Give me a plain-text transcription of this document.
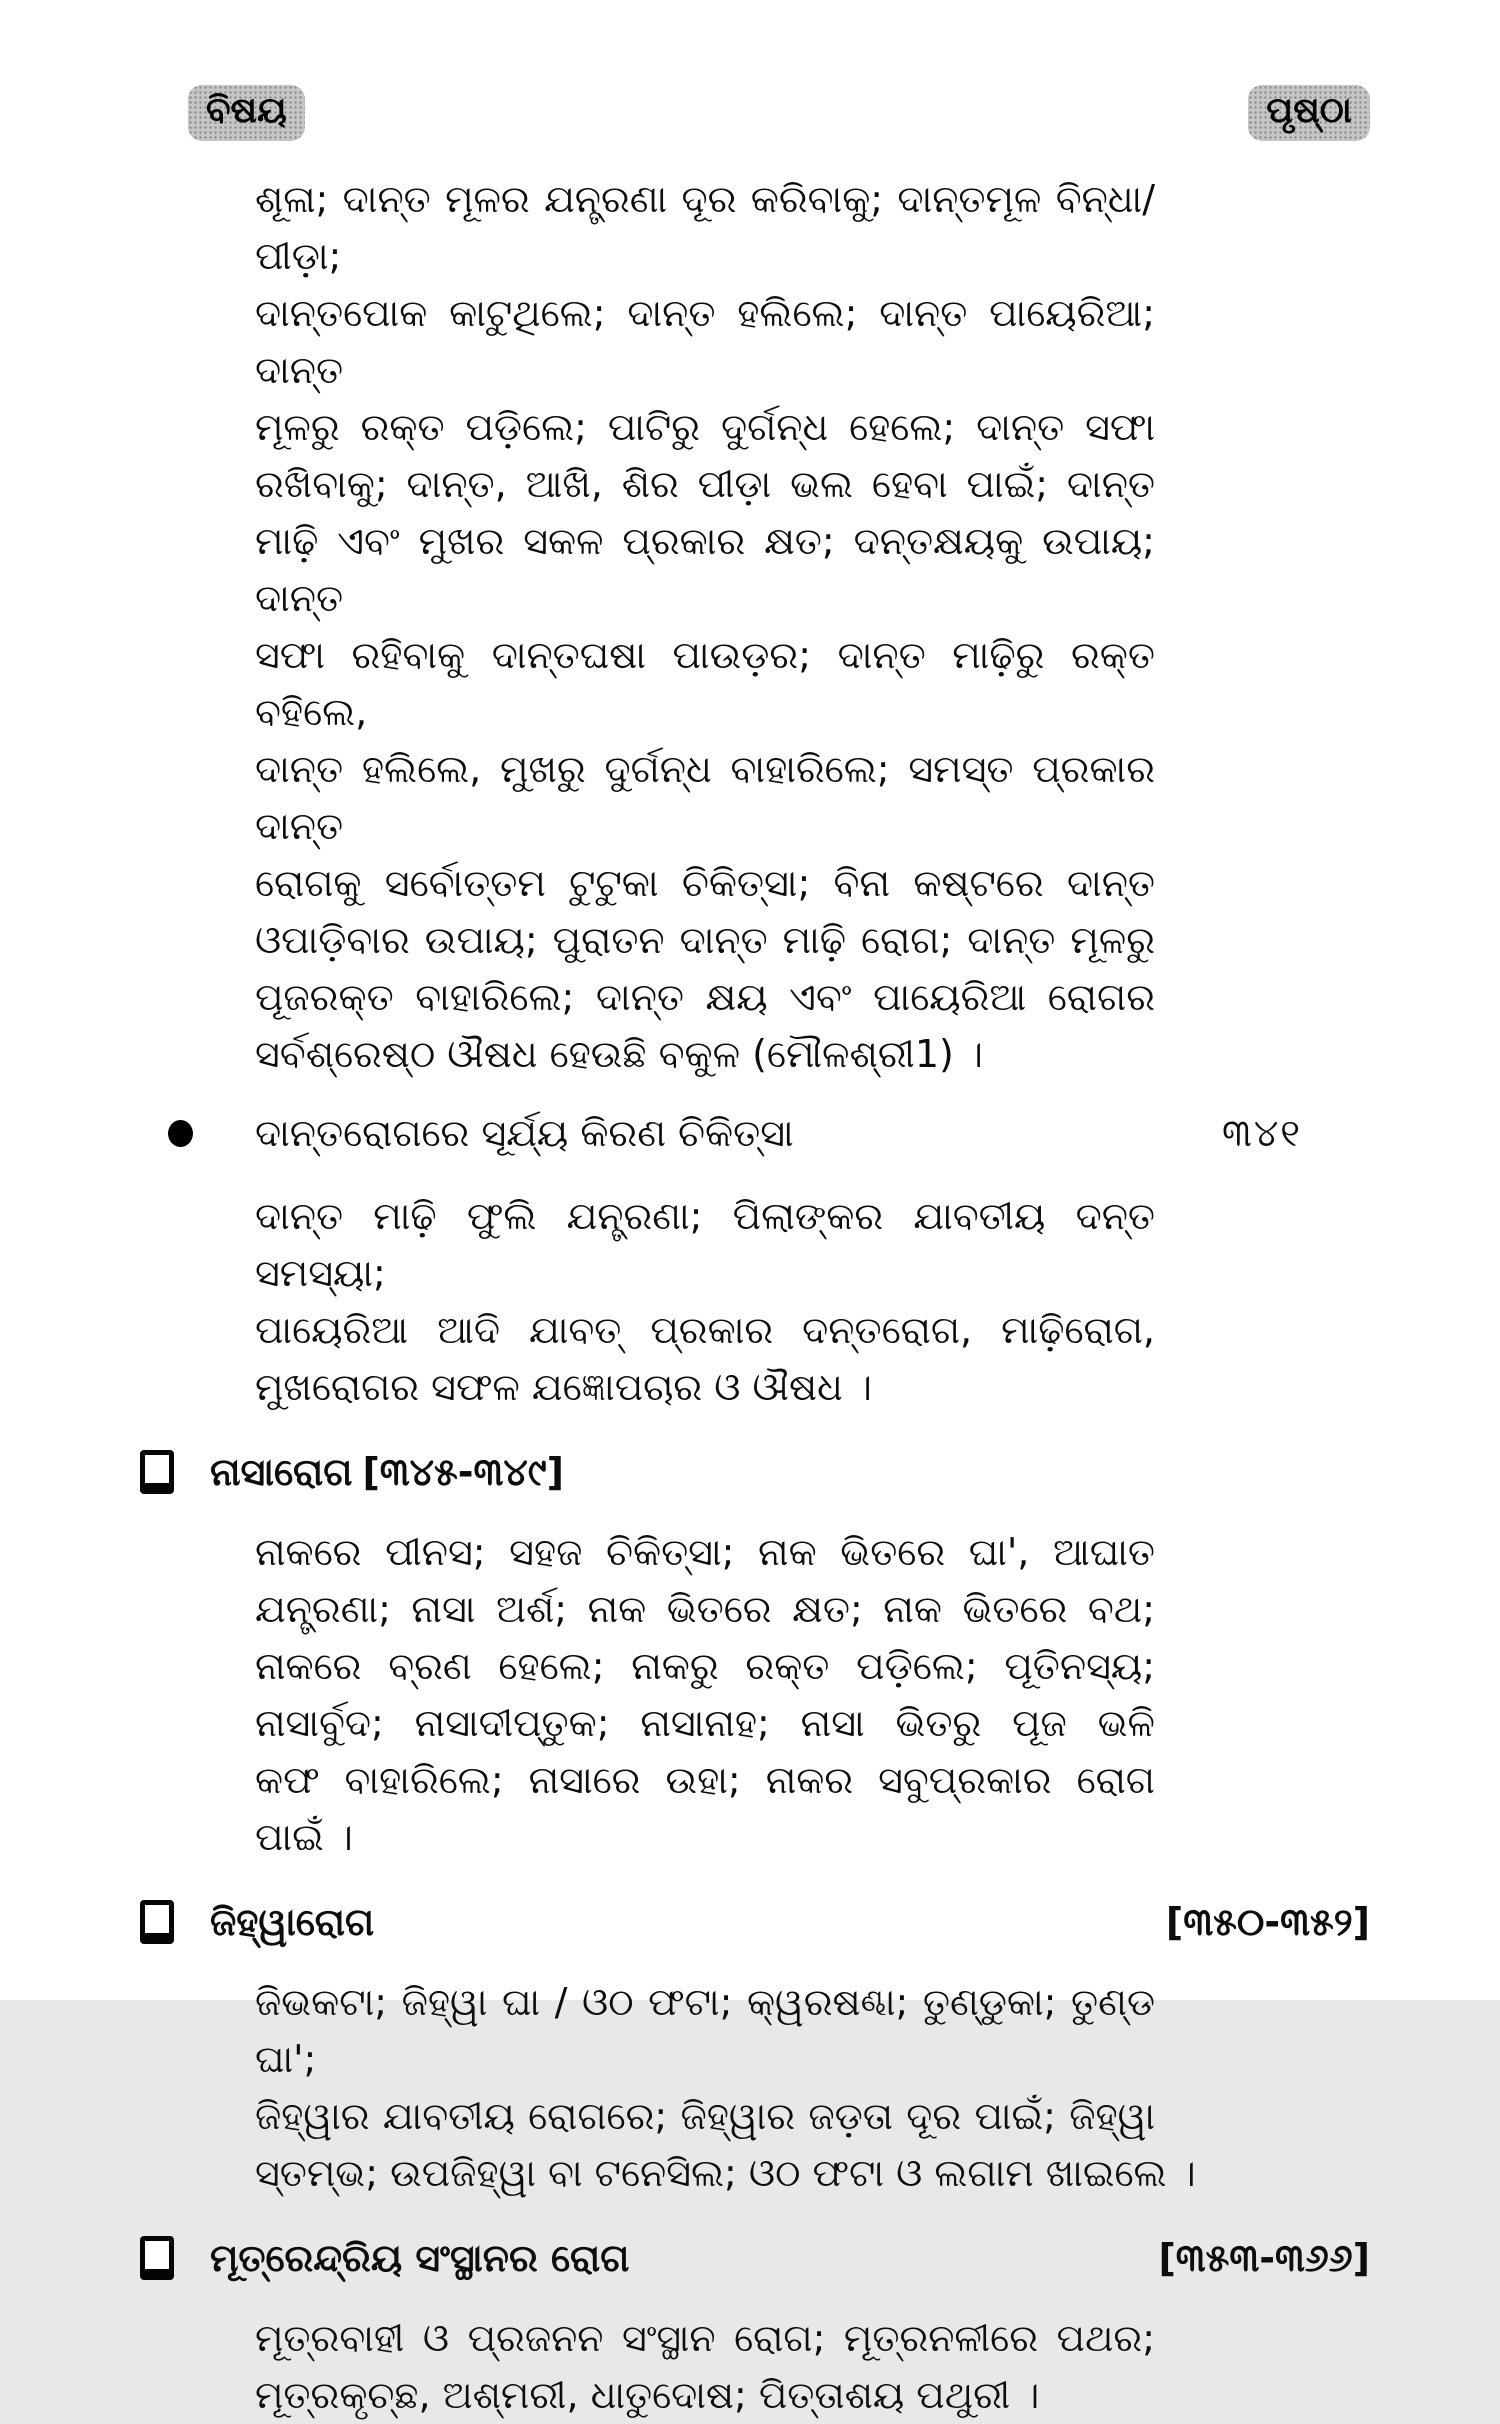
ବିଷୟ	ପୃଷ୍ଠା
ଶୂଳା; ଦାନ୍ତ ମୂଳର ଯନ୍ତ୍ରଣା ଦୂର କରିବାକୁ; ଦାନ୍ତମୂଳ ବିନ୍ଧା/ପୀଡ଼ା;
ଦାନ୍ତପୋକ କାଟୁଥିଲେ; ଦାନ୍ତ ହଲିଲେ; ଦାନ୍ତ ପାୟେରିଆ; ଦାନ୍ତ
ମୂଳରୁ ରକ୍ତ ପଡ଼ିଲେ; ପାଟିରୁ ଦୁର୍ଗନ୍ଧ ହେଲେ; ଦାନ୍ତ ସଫା
ରଖିବାକୁ; ଦାନ୍ତ, ଆଖି, ଶିର ପୀଡ଼ା ଭଲ ହେବା ପାଇଁ; ଦାନ୍ତ
ମାଢ଼ି ଏବଂ ମୁଖର ସକଳ ପ୍ରକାର କ୍ଷତ; ଦନ୍ତକ୍ଷୟକୁ ଉପାୟ; ଦାନ୍ତ
ସଫା ରହିବାକୁ ଦାନ୍ତଘଷା ପାଉଡ଼ର; ଦାନ୍ତ ମାଢ଼ିରୁ ରକ୍ତ ବହିଲେ,
ଦାନ୍ତ ହଲିଲେ, ମୁଖରୁ ଦୁର୍ଗନ୍ଧ ବାହାରିଲେ; ସମସ୍ତ ପ୍ରକାର ଦାନ୍ତ
ରୋଗକୁ ସର୍ବୋତ୍ତମ ଟୁଟୁକା ଚିକିତ୍ସା; ବିନା କଷ୍ଟରେ ଦାନ୍ତ
ଓପାଡ଼ିବାର ଉପାୟ; ପୁରାତନ ଦାନ୍ତ ମାଢ଼ି ରୋଗ; ଦାନ୍ତ ମୂଳରୁ
ପୂଜରକ୍ତ ବାହାରିଲେ; ଦାନ୍ତ କ୍ଷୟ ଏବଂ ପାୟେରିଆ ରୋଗର
ସର୍ବଶ୍ରେଷ୍ଠ ଔଷଧ ହେଉଛି ବକୁଳ (ମୌଳଶ୍ରୀ1) ।
ଦାନ୍ତରୋଗରେ ସୂର୍ଯ୍ୟ କିରଣ ଚିକିତ୍ସା	୩୪୧
ଦାନ୍ତ ମାଢ଼ି ଫୁଲି ଯନ୍ତ୍ରଣା; ପିଲାଙ୍କର ଯାବତୀୟ ଦନ୍ତ ସମସ୍ୟା;
ପାୟେରିଆ ଆଦି ଯାବତ୍ ପ୍ରକାର ଦନ୍ତରୋଗ, ମାଢ଼ିରୋଗ,
ମୁଖରୋଗର ସଫଳ ଯଜ୍ଞୋପଚାର ଓ ଔଷଧ ।
ନାସାରୋଗ [୩୪୫-୩୪୯]
ନାକରେ ପୀନସ; ସହଜ ଚିକିତ୍ସା; ନାକ ଭିତରେ ଘା', ଆଘାତ
ଯନ୍ତ୍ରଣା; ନାସା ଅର୍ଶ; ନାକ ଭିତରେ କ୍ଷତ; ନାକ ଭିତରେ ବଥ;
ନାକରେ ବ୍ରଣ ହେଲେ; ନାକରୁ ରକ୍ତ ପଡ଼ିଲେ; ପୂତିନସ୍ୟ;
ନାସାର୍ବୁଦ; ନାସାଦୀପ୍ତୁକ; ନାସାନାହ; ନାସା ଭିତରୁ ପୂଜ ଭଳି
କଫ ବାହାରିଲେ; ନାସାରେ ଉହା; ନାକର ସବୁପ୍ରକାର ରୋଗ
ପାଇଁ ।
ଜିହ୍ୱାରୋଗ	[୩୫୦-୩୫୨]
ଜିଭକଟା; ଜିହ୍ୱା ଘା / ଓଠ ଫଟା; କ୍ୱରଷଣ୍ଢା; ତୁଣ୍ଡୁକା; ତୁଣ୍ଡ ଘା';
ଜିହ୍ୱାର ଯାବତୀୟ ରୋଗରେ; ଜିହ୍ୱାର ଜଡ଼ତା ଦୂର ପାଇଁ; ଜିହ୍ୱା
ସ୍ତମ୍ଭ; ଉପଜିହ୍ୱା ବା ଟନେସିଲ; ଓଠ ଫଟା ଓ ଲଗାମ ଖାଇଲେ ।
ମୂତ୍ରେନ୍ଦ୍ରିୟ ସଂସ୍ଥାନର ରୋଗ	[୩୫୩-୩୬୬]
ମୂତ୍ରବାହୀ ଓ ପ୍ରଜନନ ସଂସ୍ଥାନ ରୋଗ; ମୂତ୍ରନଳୀରେ ପଥର;
ମୂତ୍ରକୃଚ୍ଛ, ଅଶ୍ମରୀ, ଧାତୁଦୋଷ; ପିତ୍ତାଶୟ ପଥୁରୀ ।
